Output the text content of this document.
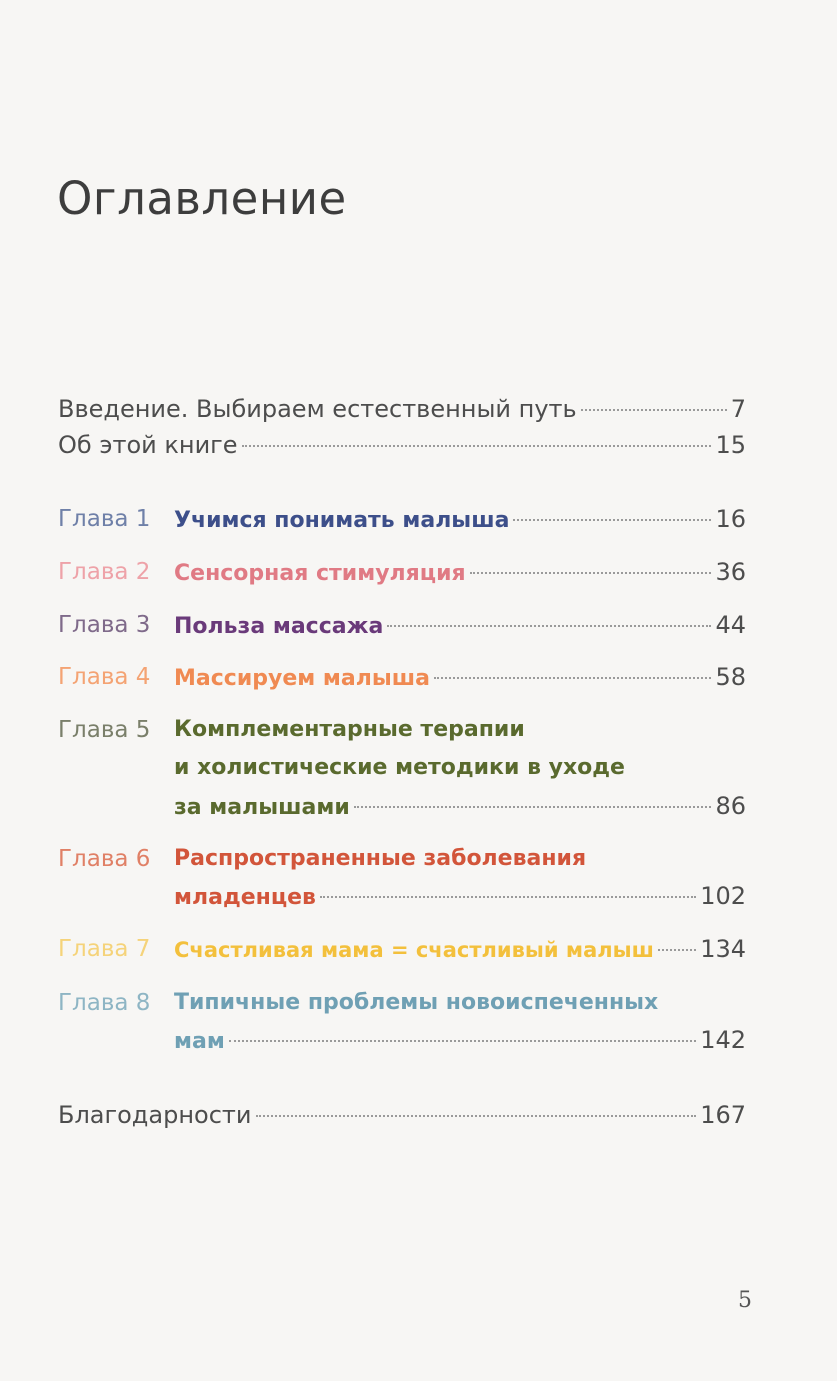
Оглавление
Введение. Выбираем естественный путь	7
Об этой книге	15
Глава 1 Учимся понимать малыша	16
Глава 2 Сенсорная стимуляция	36
Глава 3 Польза массажа	44
Глава 4 Массируем малыша	58
Глава 5 Комплементарные терапии
и холистические методики в уходе
за малышами	86
Глава 6 Распространенные заболевания
младенцев	102
Глава 7 Счастливая мама = счастливый малыш 134
Глава 8 Типичные проблемы новоиспеченных
мам	142
Благодарности	167
5
